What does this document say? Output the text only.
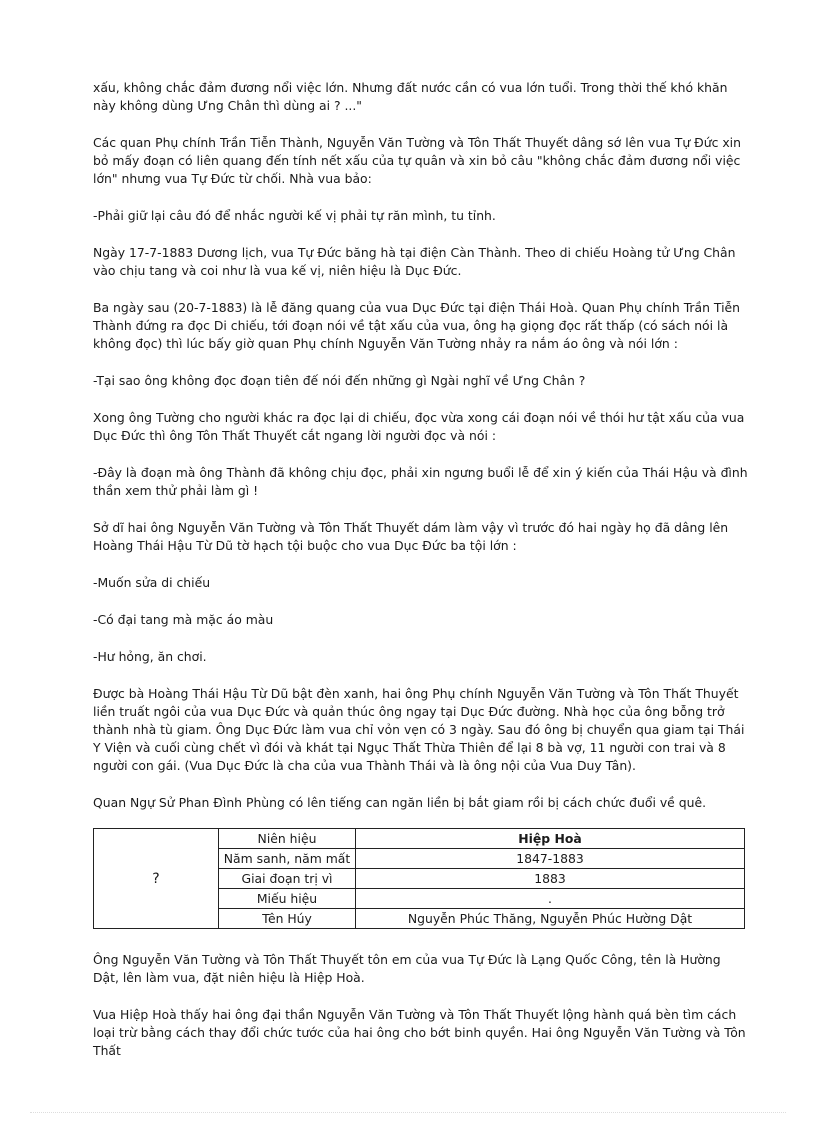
xấu, không chắc đảm đương nổi việc lớn. Nhưng đất nước cần có vua lớn tuổi. Trong thời thế khó khăn này không dùng Ưng Chân thì dùng ai ? ..."

Các quan Phụ chính Trần Tiễn Thành, Nguyễn Văn Tường và Tôn Thất Thuyết dâng sớ lên vua Tự Đức xin bỏ mấy đoạn có liên quang đến tính nết xấu của tự quân và xin bỏ câu "không chắc đảm đương nổi việc lớn" nhưng vua Tự Đức từ chối. Nhà vua bảo:

-Phải giữ lại câu đó để nhắc người kế vị phải tự răn mình, tu tỉnh.

Ngày 17-7-1883 Dương lịch, vua Tự Đức băng hà tại điện Càn Thành. Theo di chiếu Hoàng tử Ưng Chân vào chịu tang và coi như là vua kế vị, niên hiệu là Dục Đức.

Ba ngày sau (20-7-1883) là lễ đăng quang của vua Dục Đức tại điện Thái Hoà. Quan Phụ chính Trần Tiễn Thành đứng ra đọc Di chiếu, tới đoạn nói về tật xấu của vua, ông hạ giọng đọc rất thấp (có sách nói là không đọc) thì lúc bấy giờ quan Phụ chính Nguyễn Văn Tường nhảy ra nắm áo ông và nói lớn :

-Tại sao ông không đọc đoạn tiên đế nói đến những gì Ngài nghĩ về Ưng Chân ?

Xong ông Tường cho người khác ra đọc lại di chiếu, đọc vừa xong cái đoạn nói về thói hư tật xấu của vua Dục Đức thì ông Tôn Thất Thuyết cắt ngang lời người đọc và nói :

-Đây là đoạn mà ông Thành đã không chịu đọc, phải xin ngưng buổi lễ để xin ý kiến của Thái Hậu và đình thần xem thử phải làm gì !

Sở dĩ hai ông Nguyễn Văn Tường và Tôn Thất Thuyết dám làm vậy vì trước đó hai ngày họ đã dâng lên Hoàng Thái Hậu Từ Dũ tờ hạch tội buộc cho vua Dục Đức ba tội lớn :

-Muốn sửa di chiếu

-Có đại tang mà mặc áo màu

-Hư hỏng, ăn chơi.

Được bà Hoàng Thái Hậu Từ Dũ bật đèn xanh, hai ông Phụ chính Nguyễn Văn Tường và Tôn Thất Thuyết liền truất ngôi của vua Dục Đức và quản thúc ông ngay tại Dục Đức đường. Nhà học của ông bỗng trở thành nhà tù giam. Ông Dục Đức làm vua chỉ vỏn vẹn có 3 ngày. Sau đó ông bị chuyển qua giam tại Thái Y Viện và cuối cùng chết vì đói và khát tại Ngục Thất Thừa Thiên để lại 8 bà vợ, 11 người con trai và 8 người con gái. (Vua Dục Đức là cha của vua Thành Thái và là ông nội của Vua Duy Tân).

Quan Ngự Sử Phan Đình Phùng có lên tiếng can ngăn liền bị bắt giam rồi bị cách chức đuổi về quê.

?	Niên hiệu	Hiệp Hoà
	Năm sanh, năm mất	1847-1883
	Giai đoạn trị vì	1883
	Miếu hiệu	.
	Tên Húy	Nguyễn Phúc Thăng, Nguyễn Phúc Hường Dật

Ông Nguyễn Văn Tường và Tôn Thất Thuyết tôn em của vua Tự Đức là Lạng Quốc Công, tên là Hường Dật, lên làm vua, đặt niên hiệu là Hiệp Hoà.

Vua Hiệp Hoà thấy hai ông đại thần Nguyễn Văn Tường và Tôn Thất Thuyết lộng hành quá bèn tìm cách loại trừ bằng cách thay đổi chức tước của hai ông cho bớt binh quyền. Hai ông Nguyễn Văn Tường và Tôn Thất
